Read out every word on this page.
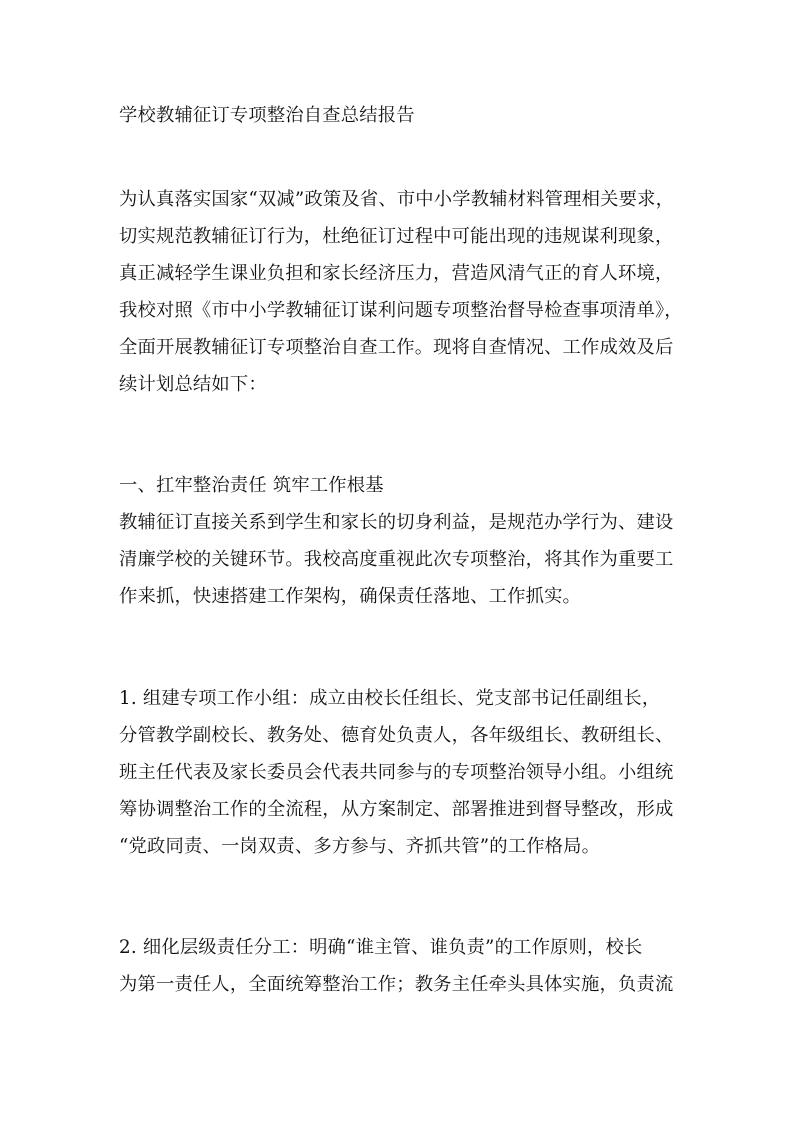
学校教辅征订专项整治自查总结报告
为认真落实国家“双减”政策及省、市中小学教辅材料管理相关要求，
切实规范教辅征订行为，杜绝征订过程中可能出现的违规谋利现象，
真正减轻学生课业负担和家长经济压力，营造风清气正的育人环境，
我校对照《市中小学教辅征订谋利问题专项整治督导检查事项清单》，
全面开展教辅征订专项整治自查工作。现将自查情况、工作成效及后
续计划总结如下：
一、扛牢整治责任 筑牢工作根基
教辅征订直接关系到学生和家长的切身利益，是规范办学行为、建设
清廉学校的关键环节。我校高度重视此次专项整治，将其作为重要工
作来抓，快速搭建工作架构，确保责任落地、工作抓实。
1. 组建专项工作小组：成立由校长任组长、党支部书记任副组长，
分管教学副校长、教务处、德育处负责人，各年级组长、教研组长、
班主任代表及家长委员会代表共同参与的专项整治领导小组。小组统
筹协调整治工作的全流程，从方案制定、部署推进到督导整改，形成
“党政同责、一岗双责、多方参与、齐抓共管”的工作格局。
2. 细化层级责任分工：明确“谁主管、谁负责”的工作原则，校长
为第一责任人，全面统筹整治工作；教务主任牵头具体实施，负责流
